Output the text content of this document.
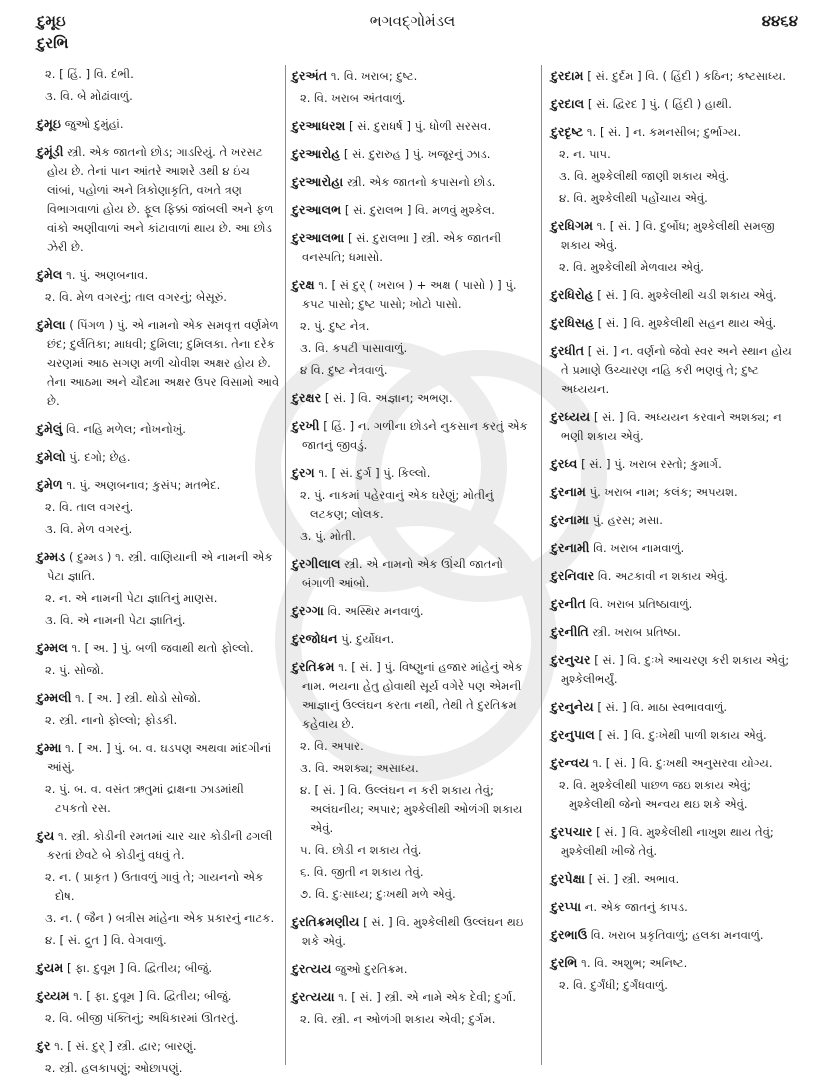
દુમૂઇ	ભગવદ્ગોમંડલ	૪૪૬૪
દુરભિ
૨. [ હિં. ] વિ. દંભી.
૩. વિ. બે મોઢાંવાળું.
દુમૂઇ જુઓ દુમુંહાં.
દુમૂંડી સ્ત્રી. એક જાતનો છોડ; ગાડરિયું. તે ખરસટ હોય છે. તેનાં પાન આંતરે આશરે ૩થી ૪ ઇંચ લાંબાં, પહોળાં અને ત્રિકોણાકૃતિ, વખતે ત્રણ વિભાગવાળાં હોય છે. ફૂલ ફિક્કાં જાંબલી અને ફળ વાંકો અણીવાળાં અને કાંટાવાળાં થાય છે. આ છોડ ઝેરી છે.
દુમેલ ૧. પું. અણબનાવ.
૨. વિ. મેળ વગરનું; તાલ વગરનું; બેસૂરું.
દુમેલા ( પિંગળ ) પું. એ નામનો એક સમવૃત્ત વર્ણમેળ છંદ; દુર્લતિકા; માધવી; દુમિલા; દુમિલકા. તેના દરેક ચરણમાં આઠ સગણ મળી ચોવીશ અક્ષર હોય છે. તેના આઠમા અને ચૌદમા અક્ષર ઉપર વિસામો આવે છે.
દુમેલું વિ. નહિ મળેલ; નોખનોખું.
દુમેલો પું. દગો; છેહ.
દુમેળ ૧. પું. અણબનાવ; કુસંપ; મતભેદ.
૨. વિ. તાલ વગરનું.
૩. વિ. મેળ વગરનું.
દુમ્મડ ( દુમ્મડ ) ૧. સ્ત્રી. વાણિયાની એ નામની એક પેટા જ્ઞાતિ.
૨. ન. એ નામની પેટા જ્ઞાતિનું માણસ.
૩. વિ. એ નામની પેટા જ્ઞાતિનું.
દુમ્મલ ૧. [ અ. ] પું. બળી જવાથી થતો ફોલ્લો.
૨. પું. સોજો.
દુમ્મલી ૧. [ અ. ] સ્ત્રી. થોડો સોજો.
૨. સ્ત્રી. નાનો ફોલ્લો; ફોડકી.
દુમ્મા ૧. [ અ. ] પું. બ. વ. ઘડપણ અથવા માંદગીનાં આંસું.
૨. પું. બ. વ. વસંત ઋતુમાં દ્રાક્ષના ઝાડમાંથી ટપકતો રસ.
દુય ૧. સ્ત્રી. કોડીની રમતમાં ચાર ચાર કોડીની ઢગલી કરતાં છેવટે બે કોડીનું વધવું તે.
૨. ન. ( પ્રાકૃત ) ઉતાવળું ગાવું તે; ગાયનનો એક દોષ.
૩. ન. ( જૈન ) બત્રીસ માંહેના એક પ્રકારનું નાટક.
૪. [ સં. દ્રુત ] વિ. વેગવાળું.
દુયમ [ ફા. દુવૂમ ] વિ. દ્વિતીય; બીજું.
દુય્યમ ૧. [ ફા. દુવૂમ ] વિ. દ્વિતીય; બીજું.
૨. વિ. બીજી પંક્તિનું; અધિકારમાં ઊતરતું.
દુર ૧. [ સં. દુર્ ] સ્ત્રી. દ્વાર; બારણું.
૨. સ્ત્રી. હલકાપણું; ઓછાપણું.
દુરઅંત ૧. વિ. ખરાબ; દુષ્ટ.
૨. વિ. ખરાબ અંતવાળું.
દુરઆધરશ [ સં. દુરાધર્ષ ] પું. ધોળી સરસવ.
દુરઆરોહ [ સં. દુરારુહ ] પું. ખજૂરનું ઝાડ.
દુરઆરોહા સ્ત્રી. એક જાતનો કપાસનો છોડ.
દુરઆલભ [ સં. દુરાલભ ] વિ. મળવું મુશ્કેલ.
દુરઆલભા [ સં. દુરાલભા ] સ્ત્રી. એક જાતની વનસ્પતિ; ધમાસો.
દુરક્ષ ૧. [ સં દુર્ ( ખરાબ ) + અક્ષ ( પાસો ) ] પું. કપટ પાસો; દુષ્ટ પાસો; ખોટો પાસો.
૨. પું. દુષ્ટ નેત્ર.
૩. વિ. કપટી પાસાવાળું.
૪ વિ. દુષ્ટ નેત્રવાળું.
દુરક્ષર [ સં. ] વિ. અજ્ઞાન; અભણ.
દુરખી [ હિં. ] ન. ગળીના છોડને નુકસાન કરતું એક જાતનું જીવડું.
દુરગ ૧. [ સં. દુર્ગ ] પું. કિલ્લો.
૨. પું. નાકમાં પહેરવાનું એક ઘરેણું; મોતીનું લટકણ; લોલક.
૩. પું. મોતી.
દુરગીલાલ સ્ત્રી. એ નામનો એક ઊંચી જાતનો બંગાળી આંબો.
દુરગ્ગા વિ. અસ્થિર મનવાળું.
દુરજોધન પું. દુર્યોધન.
દુરતિક્રમ ૧. [ સં. ] પું. વિષ્ણુનાં હજાર માંહેનું એક નામ. ભયના હેતુ હોવાથી સૂર્ય વગેરે પણ એમની આજ્ઞાનું ઉલ્લંઘન કરતા નથી, તેથી તે દુરતિક્રમ કહેવાય છે.
૨. વિ. અપાર.
૩. વિ. અશક્ય; અસાધ્ય.
૪. [ સં. ] વિ. ઉલ્લંઘન ન કરી શકાય તેવું; અલંઘનીય; અપાર; મુશ્કેલીથી ઓળંગી શકાય એવું.
૫. વિ. છોડી ન શકાય તેવું.
૬. વિ. જીતી ન શકાય તેવું.
૭. વિ. દુઃસાધ્ય; દુઃખથી મળે એવું.
દુરતિક્રમણીય [ સં. ] વિ. મુશ્કેલીથી ઉલ્લંઘન થઇ શકે એવું.
દુરત્યય જુઓ દુરતિક્રમ.
દુરત્યયા ૧. [ સં. ] સ્ત્રી. એ નામે એક દેવી; દુર્ગા.
૨. વિ. સ્ત્રી. ન ઓળંગી શકાય એવી; દુર્ગમ.
દુરદામ [ સં. દુર્દમ ] વિ. ( હિંદી ) કઠિન; કષ્ટસાધ્ય.
દુરદાલ [ સં. દ્વિરદ ] પું. ( હિંદી ) હાથી.
દુરદૃષ્ટ ૧. [ સં. ] ન. કમનસીબ; દુર્ભાગ્ય.
૨. ન. પાપ.
૩. વિ. મુશ્કેલીથી જાણી શકાય એવું.
૪. વિ. મુશ્કેલીથી પહોંચાય એવું.
દુરધિગમ ૧. [ સં. ] વિ. દુર્બોધ; મુશ્કેલીથી સમજી શકાય એવું.
૨. વિ. મુશ્કેલીથી મેળવાય એવું.
દુરધિરોહ [ સં. ] વિ. મુશ્કેલીથી ચડી શકાય એવું.
દુરધિસહ [ સં. ] વિ. મુશ્કેલીથી સહન થાય એવું.
દુરધીત [ સં. ] ન. વર્ણનો જેવો સ્વર અને સ્થાન હોય તે પ્રમાણે ઉચ્ચારણ નહિ કરી ભણવું તે; દુષ્ટ અધ્યયન.
દુરધ્યય [ સં. ] વિ. અધ્યયન કરવાને અશક્ય; ન ભણી શકાય એવું.
દુરધ્વ [ સં. ] પું. ખરાબ રસ્તો; કુમાર્ગ.
દુરનામ પું. ખરાબ નામ; કલંક; અપયશ.
દુરનામા પું. હરસ; મસા.
દુરનામી વિ. ખરાબ નામવાળું.
દુરનિવાર વિ. અટકાવી ન શકાય એવું.
દુરનીત વિ. ખરાબ પ્રતિષ્ઠાવાળું.
દુરનીતિ સ્ત્રી. ખરાબ પ્રતિષ્ઠા.
દુરનુચર [ સં. ] વિ. દુઃખે આચરણ કરી શકાય એવું; મુશ્કેલીભર્યું.
દુરનુનેય [ સં. ] વિ. માઠા સ્વભાવવાળું.
દુરનુપાલ [ સં. ] વિ. દુઃખેથી પાળી શકાય એવું.
દુરન્વય ૧. [ સં. ] વિ. દુઃખથી અનુસરવા યોગ્ય.
૨. વિ. મુશ્કેલીથી પાછળ જઇ શકાય એવું; મુશ્કેલીથી જેનો અન્વય થઇ શકે એવું.
દુરપચાર [ સં. ] વિ. મુશ્કેલીથી નાખુશ થાય તેવું; મુશ્કેલીથી ખીજે તેવું.
દુરપેક્ષા [ સં. ] સ્ત્રી. અભાવ.
દુરપ્પા ન. એક જાતનું કાપડ.
દુરભાઉ વિ. ખરાબ પ્રકૃતિવાળું; હલકા મનવાળું.
દુરભિ ૧. વિ. અશુભ; અનિષ્ટ.
૨. વિ. દુર્ગંધી; દુર્ગંધવાળું.
